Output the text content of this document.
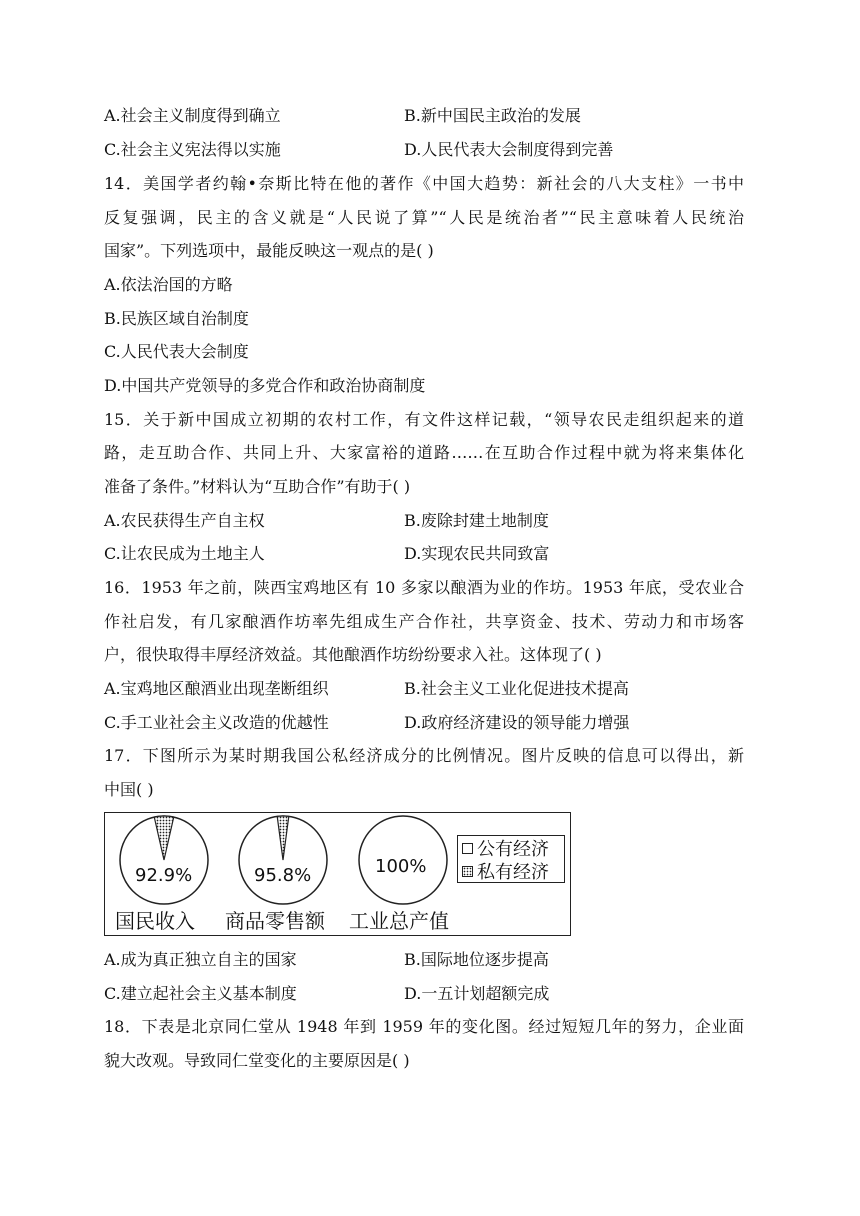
A.社会主义制度得到确立	B.新中国民主政治的发展
C.社会主义宪法得以实施	D.人民代表大会制度得到完善
14．美国学者约翰•奈斯比特在他的著作《中国大趋势：新社会的八大支柱》一书中
反复强调，民主的含义就是“人民说了算”“人民是统治者”“民主意味着人民统治
国家”。下列选项中，最能反映这一观点的是( )
A.依法治国的方略
B.民族区域自治制度
C.人民代表大会制度
D.中国共产党领导的多党合作和政治协商制度
15．关于新中国成立初期的农村工作，有文件这样记载，“领导农民走组织起来的道
路，走互助合作、共同上升、大家富裕的道路……在互助合作过程中就为将来集体化
准备了条件。”材料认为“互助合作”有助于( )
A.农民获得生产自主权	B.废除封建土地制度
C.让农民成为土地主人	D.实现农民共同致富
16．1953 年之前，陕西宝鸡地区有 10 多家以酿酒为业的作坊。1953 年底，受农业合
作社启发，有几家酿酒作坊率先组成生产合作社，共享资金、技术、劳动力和市场客
户，很快取得丰厚经济效益。其他酿酒作坊纷纷要求入社。这体现了( )
A.宝鸡地区酿酒业出现垄断组织	B.社会主义工业化促进技术提高
C.手工业社会主义改造的优越性	D.政府经济建设的领导能力增强
17．下图所示为某时期我国公私经济成分的比例情况。图片反映的信息可以得出，新
中国( )
92.9%	95.8%	100%
公有经济
私有经济
国民收入 商品零售额 工业总产值
A.成为真正独立自主的国家	B.国际地位逐步提高
C.建立起社会主义基本制度	D.一五计划超额完成
18．下表是北京同仁堂从 1948 年到 1959 年的变化图。经过短短几年的努力，企业面
貌大改观。导致同仁堂变化的主要原因是( )
